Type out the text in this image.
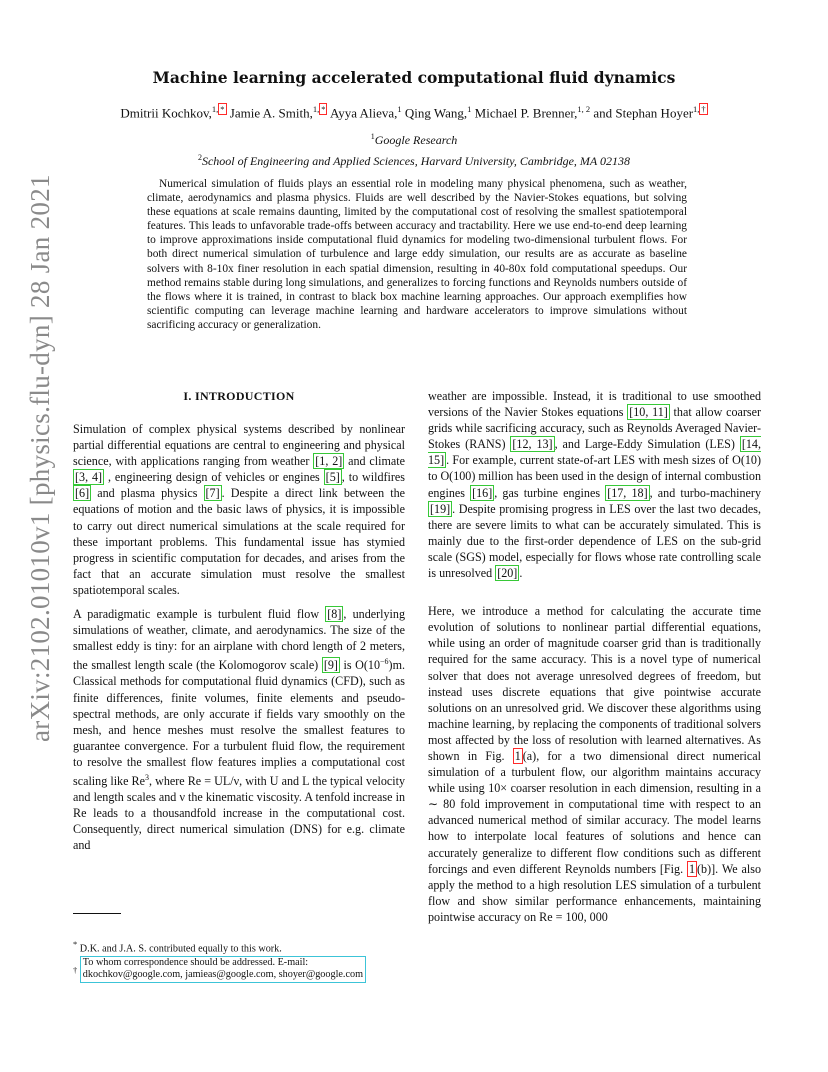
arXiv:2102.01010v1 [physics.flu-dyn] 28 Jan 2021
Machine learning accelerated computational fluid dynamics
Dmitrii Kochkov,$^{1,}$ * Jamie A. Smith,$^{1,}$ * Ayya Alieva,$^1$ Qing Wang,$^1$ Michael P. Brenner,$^{1, 2}$ and Stephan Hoyer$^{1,}$ †
$^1$Google Research
$^2$School of Engineering and Applied Sciences, Harvard University, Cambridge, MA 02138

Numerical simulation of fluids plays an essential role in modeling many physical phenomena, such as weather, climate, aerodynamics and plasma physics. Fluids are well described by the Navier-Stokes equations, but solving these equations at scale remains daunting, limited by the computational cost of resolving the smallest spatiotemporal features. This leads to unfavorable trade-offs between accuracy and tractability. Here we use end-to-end deep learning to improve approximations inside computational fluid dynamics for modeling two-dimensional turbulent flows. For both direct numerical simulation of turbulence and large eddy simulation, our results are as accurate as baseline solvers with 8-10x finer resolution in each spatial dimension, resulting in 40-80x fold computational speedups. Our method remains stable during long simulations, and generalizes to forcing functions and Reynolds numbers outside of the flows where it is trained, in contrast to black box machine learning approaches. Our approach exemplifies how scientific computing can leverage machine learning and hardware accelerators to improve simulations without sacrificing accuracy or generalization.

I. INTRODUCTION

Simulation of complex physical systems described by nonlinear partial differential equations are central to engineering and physical science, with applications ranging from weather [1, 2] and climate [3, 4] , engineering design of vehicles or engines [5] , to wildfires [6] and plasma physics [7] . Despite a direct link between the equations of motion and the basic laws of physics, it is impossible to carry out direct numerical simulations at the scale required for these important problems. This fundamental issue has stymied progress in scientific computation for decades, and arises from the fact that an accurate simulation must resolve the smallest spatiotemporal scales.

A paradigmatic example is turbulent fluid flow [8] , underlying simulations of weather, climate, and aerodynamics. The size of the smallest eddy is tiny: for an airplane with chord length of 2 meters, the smallest length scale (the Kolomogorov scale) [9] is $O(10^{-6})m$. Classical methods for computational fluid dynamics (CFD), such as finite differences, finite volumes, finite elements and pseudo-spectral methods, are only accurate if fields vary smoothly on the mesh, and hence meshes must resolve the smallest features to guarantee convergence. For a turbulent fluid flow, the requirement to resolve the smallest flow features implies a computational cost scaling like Re$^3$, where Re = UL/ν, with U and L the typical velocity and length scales and ν the kinematic viscosity. A tenfold increase in Re leads to a thousandfold increase in the computational cost. Consequently, direct numerical simulation (DNS) for e.g. climate and

weather are impossible. Instead, it is traditional to use smoothed versions of the Navier Stokes equations [10, 11] that allow coarser grids while sacrificing accuracy, such as Reynolds Averaged Navier-Stokes (RANS) [12, 13] , and Large-Eddy Simulation (LES) [14, 15] . For example, current state-of-art LES with mesh sizes of O(10) to O(100) million has been used in the design of internal combustion engines [16] , gas turbine engines [17, 18] , and turbo-machinery [19] . Despite promising progress in LES over the last two decades, there are severe limits to what can be accurately simulated. This is mainly due to the first-order dependence of LES on the sub-grid scale (SGS) model, especially for flows whose rate controlling scale is unresolved [20] .

Here, we introduce a method for calculating the accurate time evolution of solutions to nonlinear partial differential equations, while using an order of magnitude coarser grid than is traditionally required for the same accuracy. This is a novel type of numerical solver that does not average unresolved degrees of freedom, but instead uses discrete equations that give pointwise accurate solutions on an unresolved grid. We discover these algorithms using machine learning, by replacing the components of traditional solvers most affected by the loss of resolution with learned alternatives. As shown in Fig. 1 (a), for a two dimensional direct numerical simulation of a turbulent flow, our algorithm maintains accuracy while using 10× coarser resolution in each dimension, resulting in a ∼ 80 fold improvement in computational time with respect to an advanced numerical method of similar accuracy. The model learns how to interpolate local features of solutions and hence can accurately generalize to different flow conditions such as different forcings and even different Reynolds numbers [Fig. 1 (b)]. We also apply the method to a high resolution LES simulation of a turbulent flow and show similar performance enhancements, maintaining pointwise accuracy on Re = 100, 000

* D.K. and J.A. S. contributed equally to this work.

† To whom correspondence should be addressed. E-mail:
dkochkov@google.com, jamieas@google.com, shoyer@google.com
